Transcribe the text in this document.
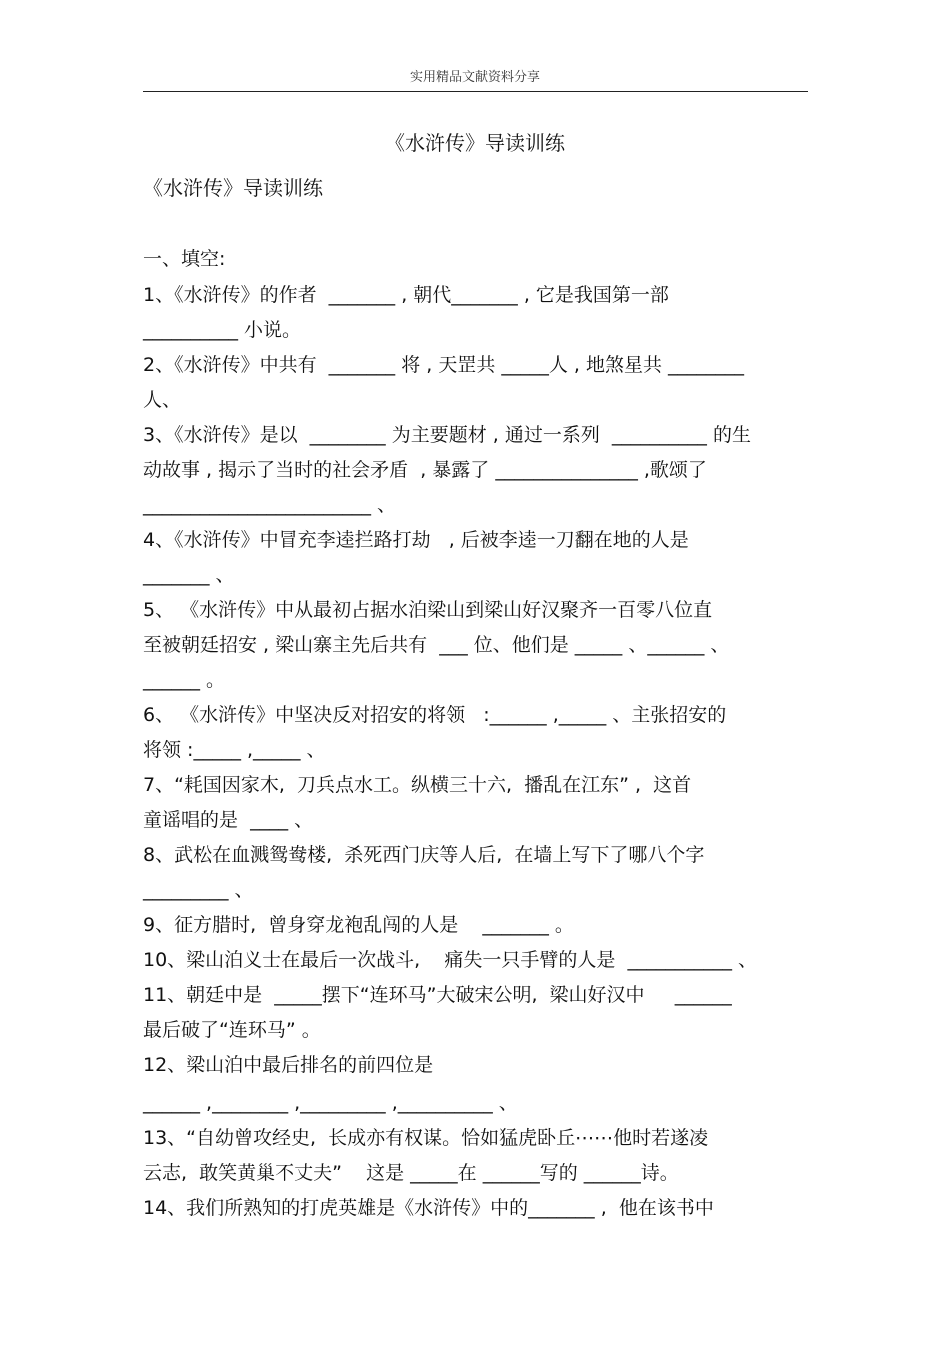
实用精品文献资料分享
《水浒传》导读训练
《水浒传》导读训练
一、填空:
1、《水浒传》的作者  _______ , 朝代_______ , 它是我国第一部
__________ 小说。
2、《水浒传》中共有  _______ 将 , 天罡共 _____人 , 地煞星共 ________
人、
3、《水浒传》是以  ________ 为主要题材 , 通过一系列  __________ 的生
动故事 , 揭示了当时的社会矛盾  , 暴露了 _______________ ,歌颂了
________________________ 、
4、《水浒传》中冒充李逵拦路打劫   , 后被李逵一刀翻在地的人是
_______ 、
5、 《水浒传》中从最初占据水泊梁山到梁山好汉聚齐一百零八位直
至被朝廷招安 , 梁山寨主先后共有  ___ 位、他们是 _____ 、______ 、
______ 。
6、 《水浒传》中坚决反对招安的将领   :______ ,_____ 、主张招安的
将领 :_____ ,_____ 、
7、“耗国因家木,  刀兵点水工。纵横三十六,  播乱在江东” ,  这首
童谣唱的是  ____ 、
8、武松在血溅鸳鸯楼,  杀死西门庆等人后,  在墙上写下了哪八个字
_________ 、
9、征方腊时,  曾身穿龙袍乱闯的人是    _______ 。
10、梁山泊义士在最后一次战斗,    痛失一只手臂的人是  ___________ 、
11、朝廷中是  _____摆下“连环马”大破宋公明,  梁山好汉中     ______
最后破了“连环马” 。
12、梁山泊中最后排名的前四位是
______ ,________ ,_________ ,__________ 、
13、“自幼曾攻经史,  长成亦有权谋。恰如猛虎卧丘⋯⋯他时若遂凌
云志,  敢笑黄巢不丈夫”    这是 _____在 ______写的 ______诗。
14、我们所熟知的打虎英雄是《水浒传》中的_______ ,  他在该书中
